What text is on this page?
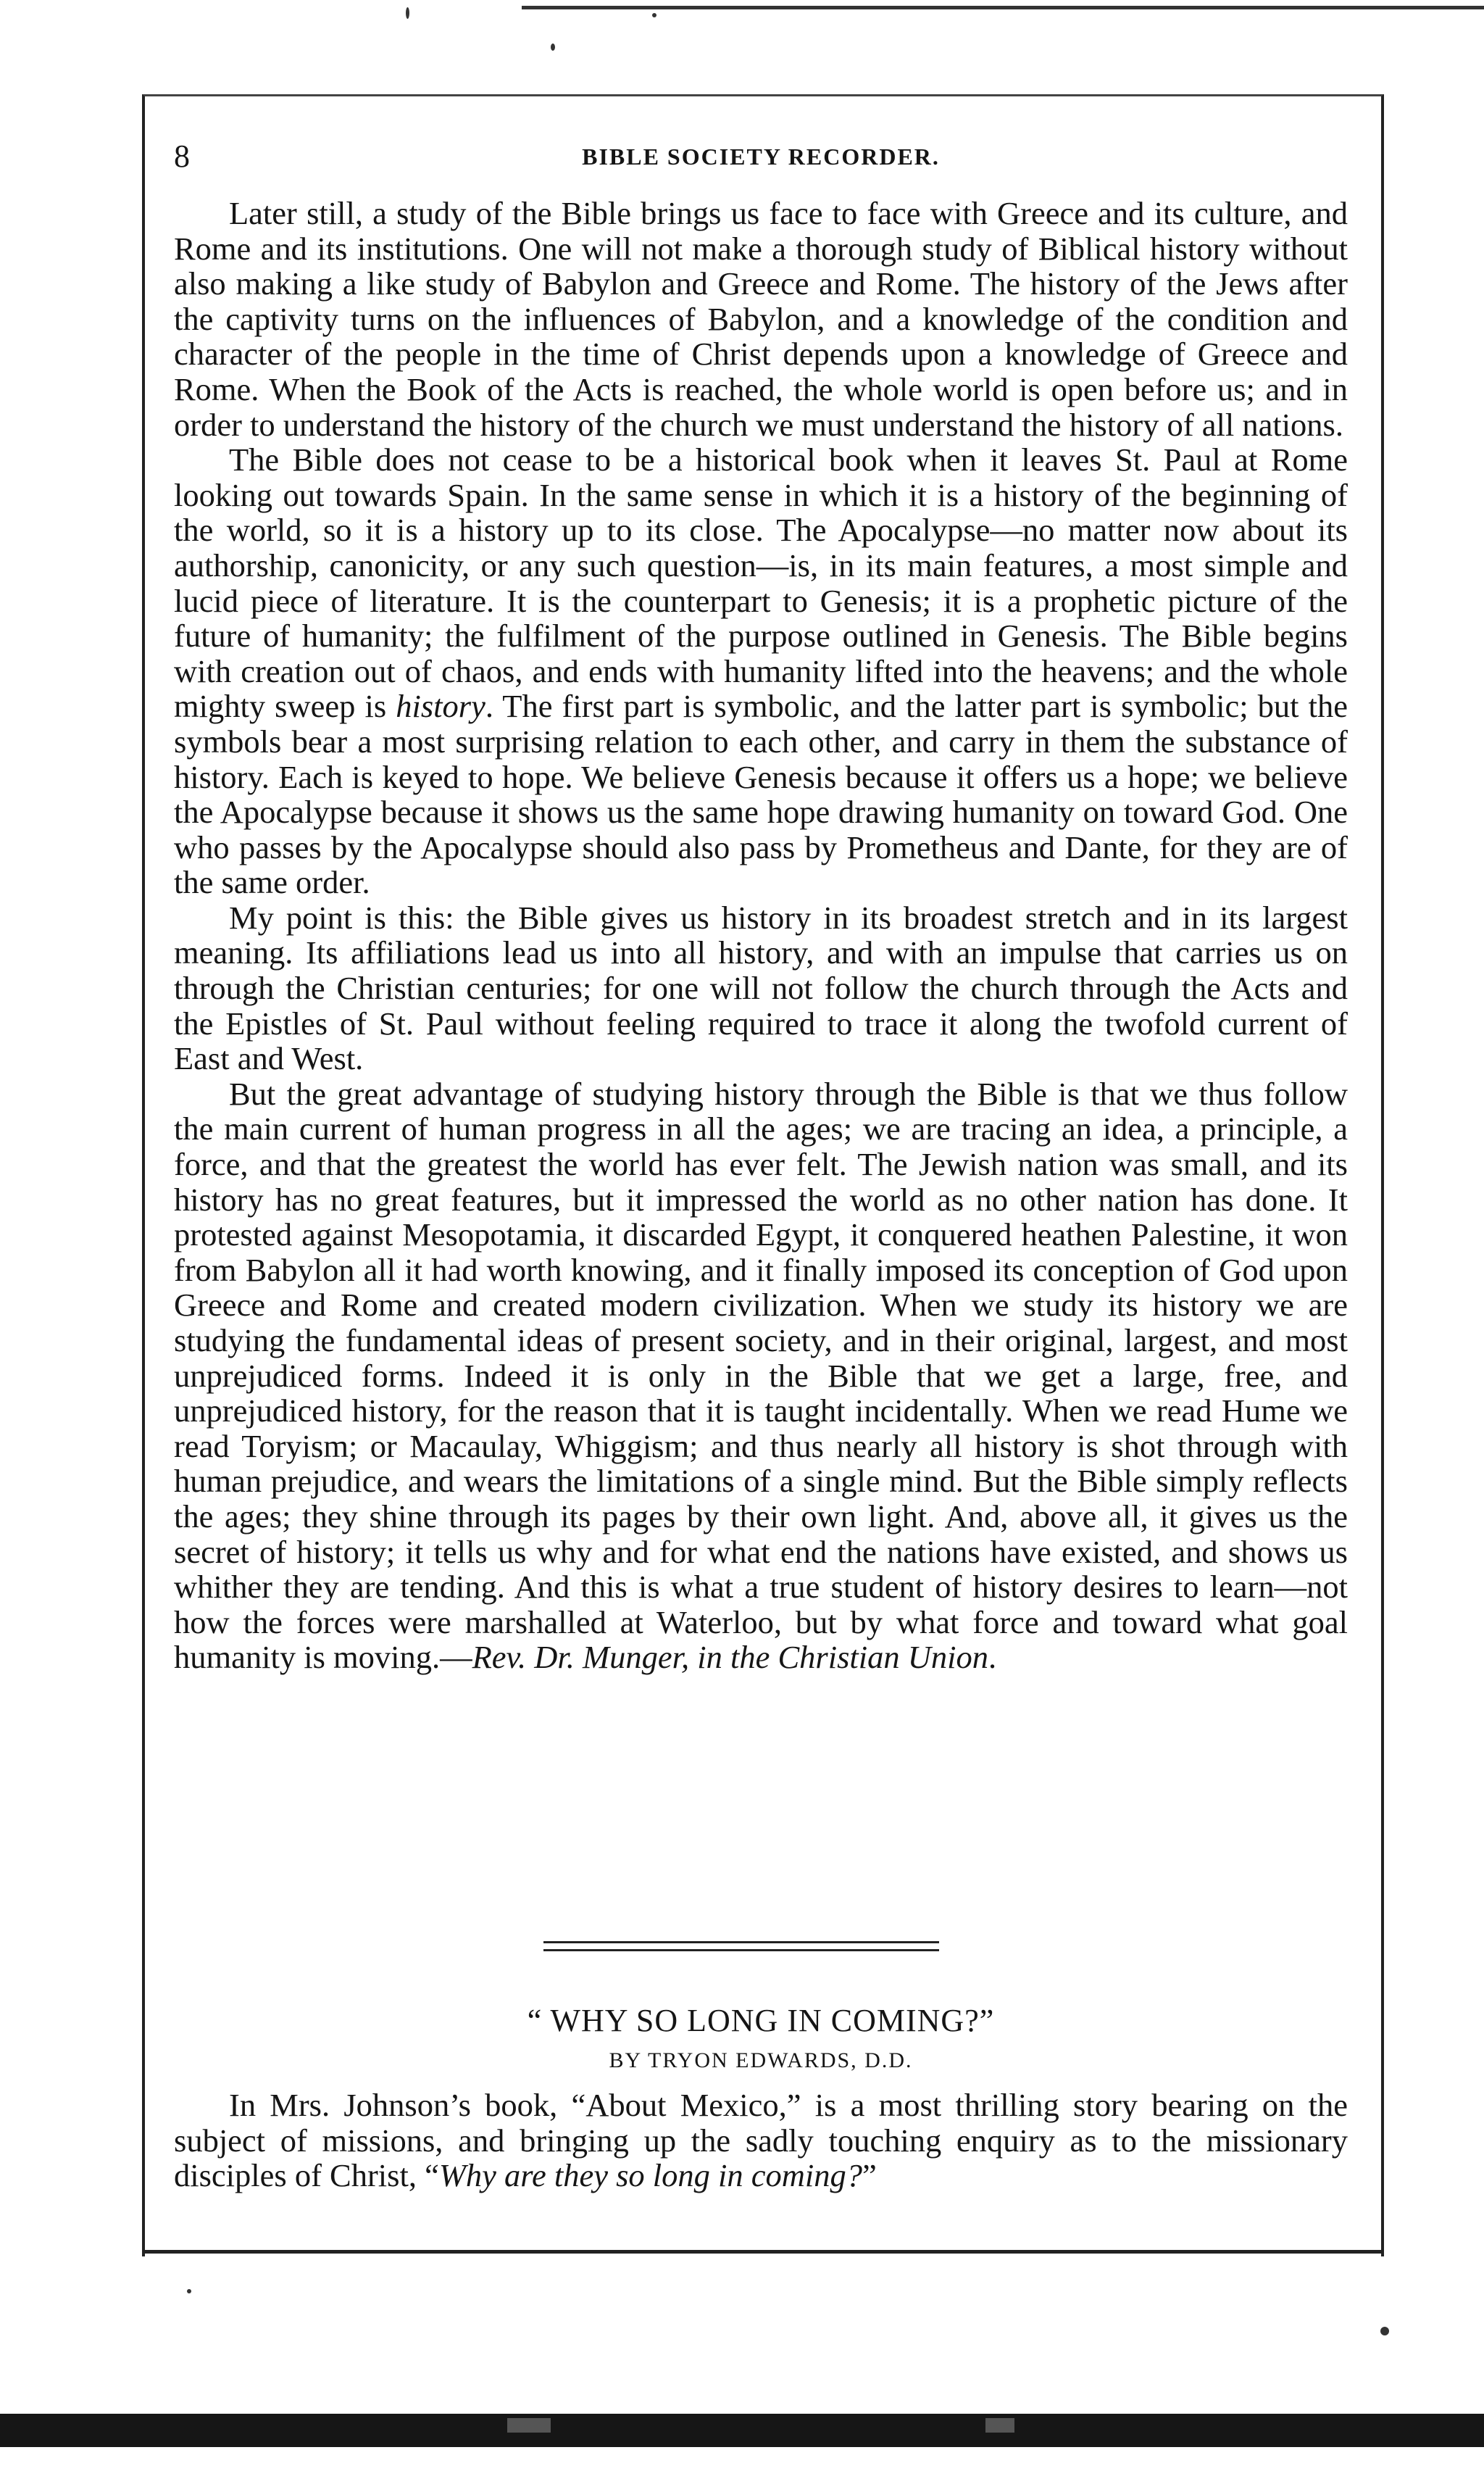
8	BIBLE SOCIETY RECORDER.

Later still, a study of the Bible brings us face to face with Greece and its culture, and Rome and its institutions. One will not make a thorough study of Biblical history without also making a like study of Babylon and Greece and Rome. The history of the Jews after the captivity turns on the influences of Babylon, and a knowledge of the condition and character of the people in the time of Christ depends upon a knowledge of Greece and Rome. When the Book of the Acts is reached, the whole world is open before us; and in order to understand the history of the church we must understand the history of all nations.

The Bible does not cease to be a historical book when it leaves St. Paul at Rome looking out towards Spain. In the same sense in which it is a history of the beginning of the world, so it is a history up to its close. The Apocalypse—no matter now about its authorship, canonicity, or any such question—is, in its main features, a most simple and lucid piece of literature. It is the counterpart to Genesis; it is a prophetic picture of the future of humanity; the fulfilment of the purpose outlined in Genesis. The Bible begins with creation out of chaos, and ends with humanity lifted into the heavens; and the whole mighty sweep is history. The first part is symbolic, and the latter part is symbolic; but the symbols bear a most surprising relation to each other, and carry in them the substance of history. Each is keyed to hope. We believe Genesis because it offers us a hope; we believe the Apocalypse because it shows us the same hope drawing humanity on toward God. One who passes by the Apocalypse should also pass by Prometheus and Dante, for they are of the same order.

My point is this: the Bible gives us history in its broadest stretch and in its largest meaning. Its affiliations lead us into all history, and with an impulse that carries us on through the Christian centuries; for one will not follow the church through the Acts and the Epistles of St. Paul without feeling required to trace it along the twofold current of East and West.

But the great advantage of studying history through the Bible is that we thus follow the main current of human progress in all the ages; we are tracing an idea, a principle, a force, and that the greatest the world has ever felt. The Jewish nation was small, and its history has no great features, but it impressed the world as no other nation has done. It protested against Mesopotamia, it discarded Egypt, it conquered heathen Palestine, it won from Babylon all it had worth knowing, and it finally imposed its conception of God upon Greece and Rome and created modern civilization. When we study its history we are studying the fundamental ideas of present society, and in their original, largest, and most unprejudiced forms. Indeed it is only in the Bible that we get a large, free, and unprejudiced history, for the reason that it is taught incidentally. When we read Hume we read Toryism; or Macaulay, Whiggism; and thus nearly all history is shot through with human prejudice, and wears the limitations of a single mind. But the Bible simply reflects the ages; they shine through its pages by their own light. And, above all, it gives us the secret of history; it tells us why and for what end the nations have existed, and shows us whither they are tending. And this is what a true student of history desires to learn—not how the forces were marshalled at Waterloo, but by what force and toward what goal humanity is moving.—Rev. Dr. Munger, in the Christian Union.

“ WHY SO LONG IN COMING?”
BY TRYON EDWARDS, D.D.

In Mrs. Johnson’s book, “About Mexico,” is a most thrilling story bearing on the subject of missions, and bringing up the sadly touching enquiry as to the missionary disciples of Christ, “Why are they so long in coming?”
